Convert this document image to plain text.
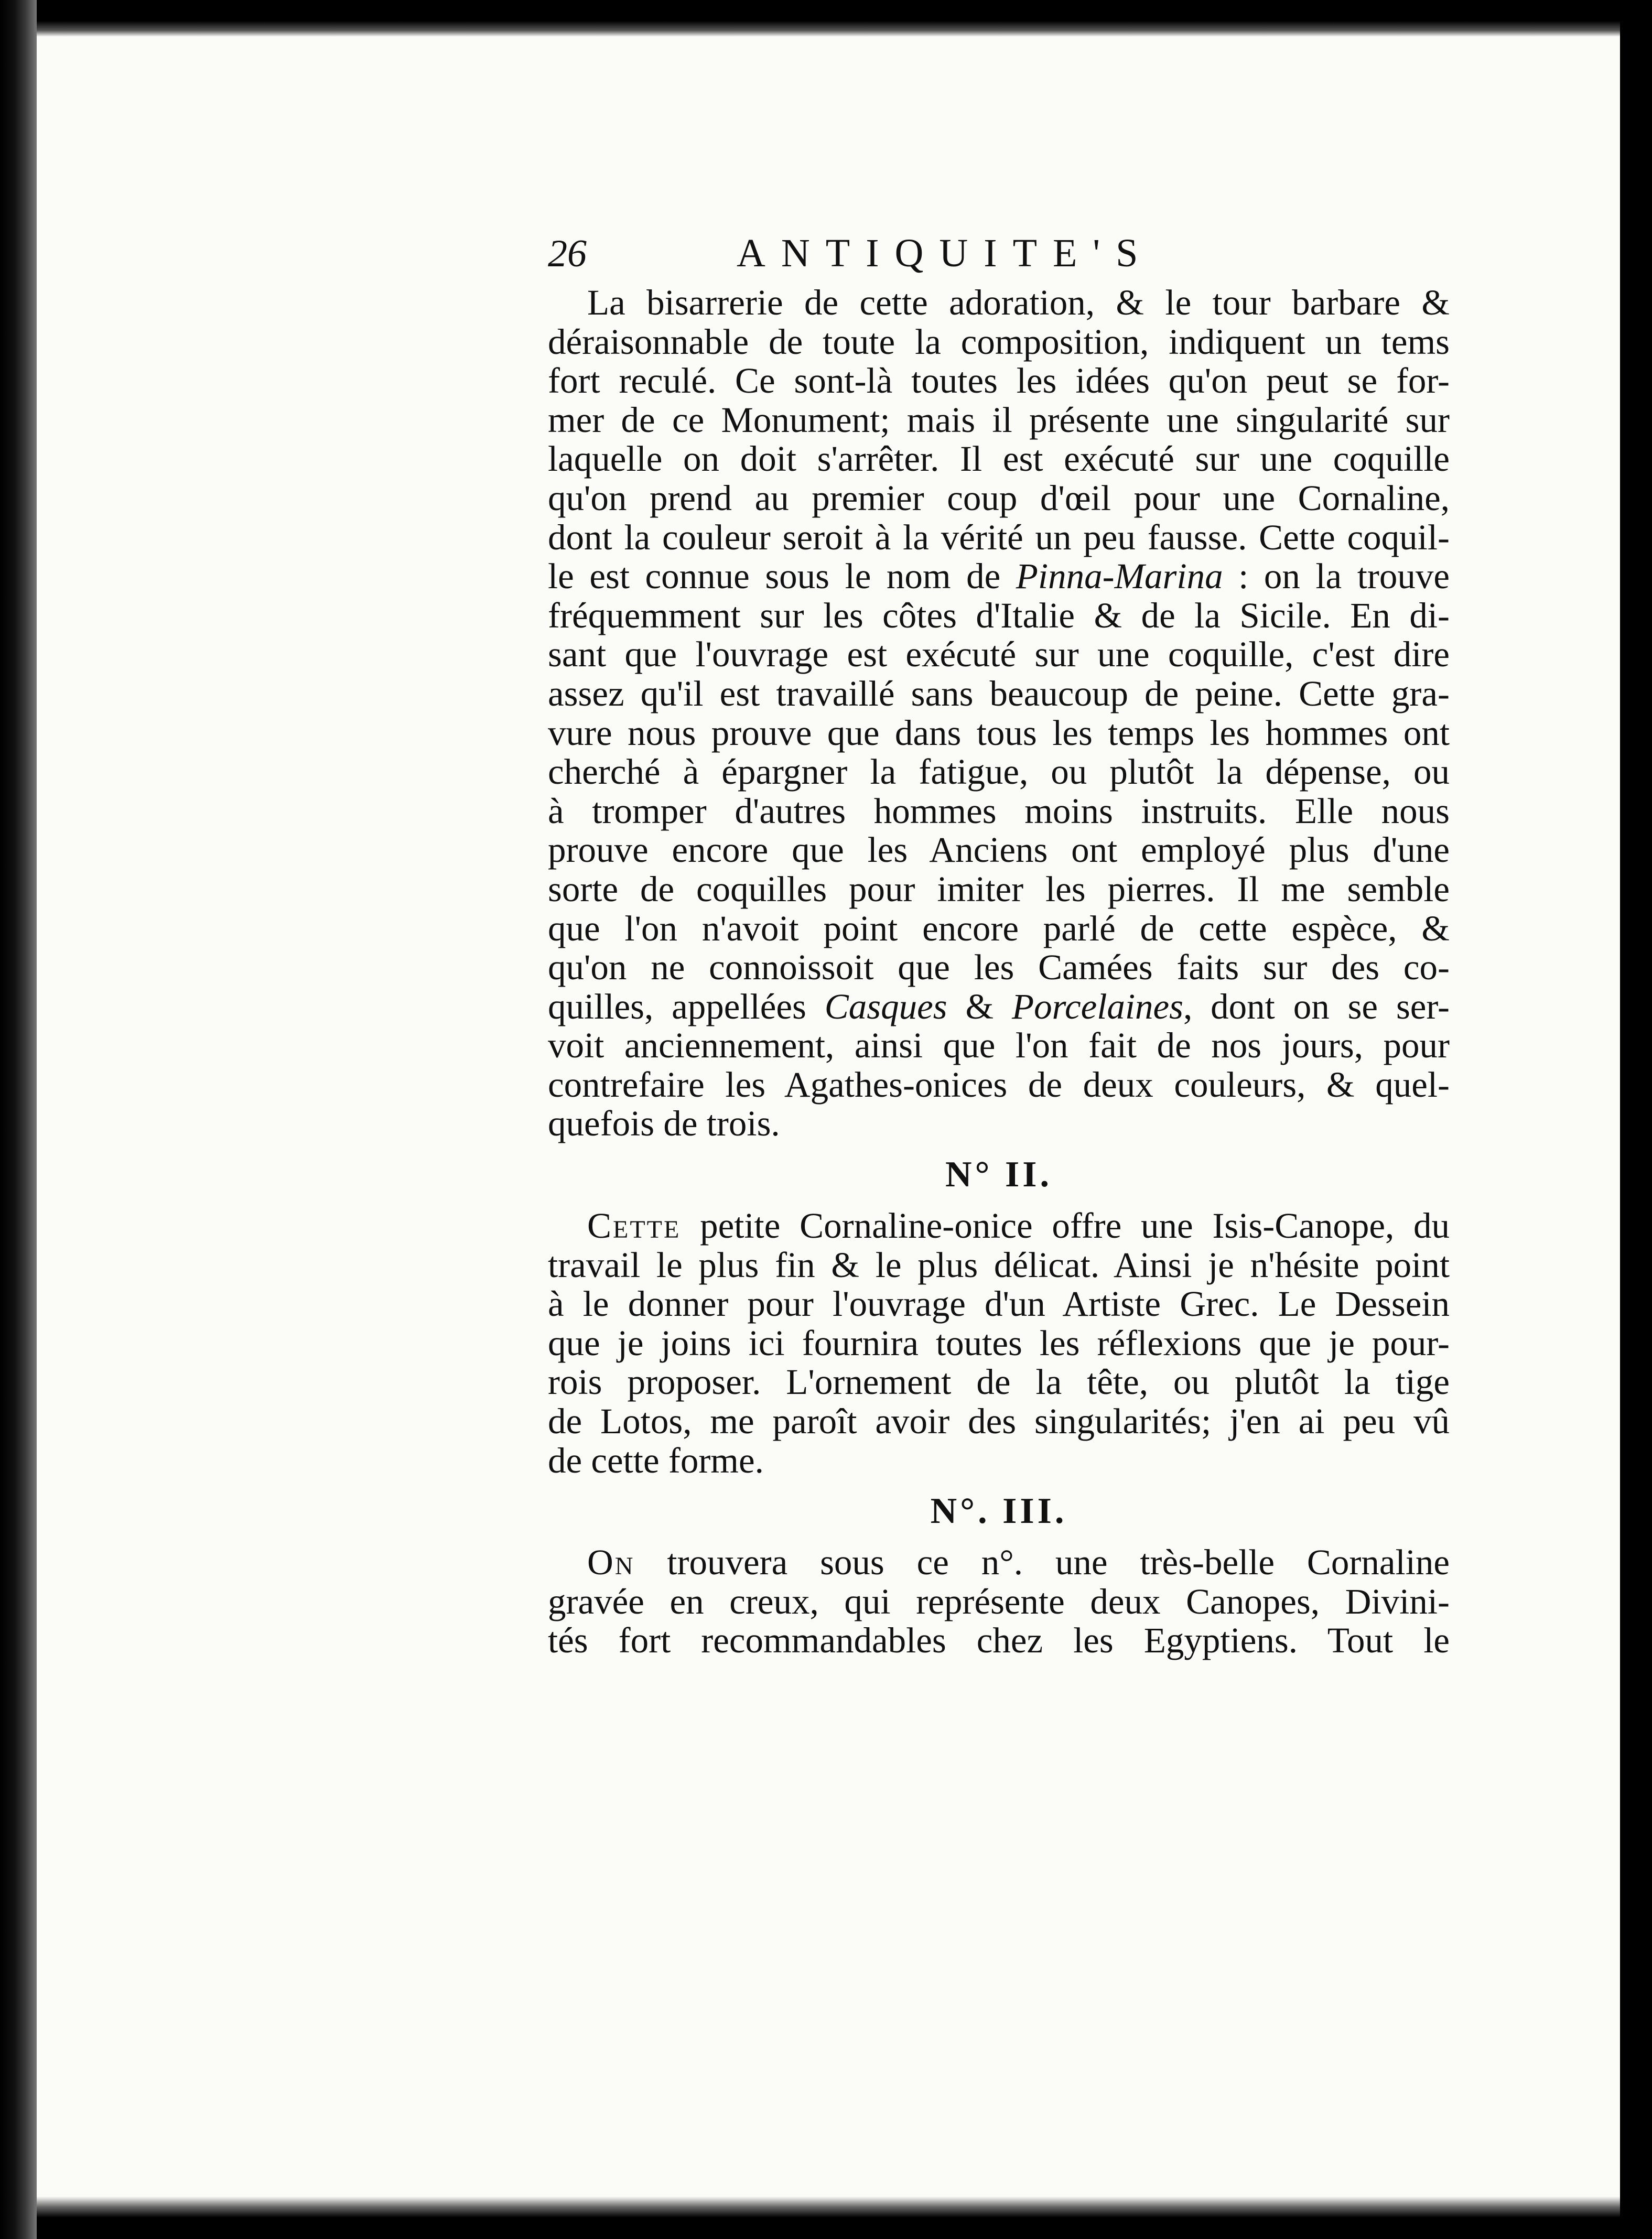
26	ANTIQUITE'S

La bisarrerie de cette adoration, & le tour barbare &
déraisonnable de toute la composition, indiquent un tems
fort reculé. Ce sont-là toutes les idées qu'on peut se for-
mer de ce Monument; mais il présente une singularité sur
laquelle on doit s'arrêter. Il est exécuté sur une coquille
qu'on prend au premier coup d'œil pour une Cornaline,
dont la couleur seroit à la vérité un peu fausse. Cette coquil-
le est connue sous le nom de Pinna-Marina : on la trouve
fréquemment sur les côtes d'Italie & de la Sicile. En di-
sant que l'ouvrage est exécuté sur une coquille, c'est dire
assez qu'il est travaillé sans beaucoup de peine. Cette gra-
vure nous prouve que dans tous les temps les hommes ont
cherché à épargner la fatigue, ou plutôt la dépense, ou
à tromper d'autres hommes moins instruits. Elle nous
prouve encore que les Anciens ont employé plus d'une
sorte de coquilles pour imiter les pierres. Il me semble
que l'on n'avoit point encore parlé de cette espèce, &
qu'on ne connoissoit que les Camées faits sur des co-
quilles, appellées Casques & Porcelaines, dont on se ser-
voit anciennement, ainsi que l'on fait de nos jours, pour
contrefaire les Agathes-onices de deux couleurs, & quel-
quefois de trois.

N° II.

Cette petite Cornaline-onice offre une Isis-Canope, du
travail le plus fin & le plus délicat. Ainsi je n'hésite point
à le donner pour l'ouvrage d'un Artiste Grec. Le Dessein
que je joins ici fournira toutes les réflexions que je pour-
rois proposer. L'ornement de la tête, ou plutôt la tige
de Lotos, me paroît avoir des singularités; j'en ai peu vû
de cette forme.

N°. III.

On trouvera sous ce n°. une très-belle Cornaline
gravée en creux, qui représente deux Canopes, Divini-
tés fort recommandables chez les Egyptiens. Tout le
